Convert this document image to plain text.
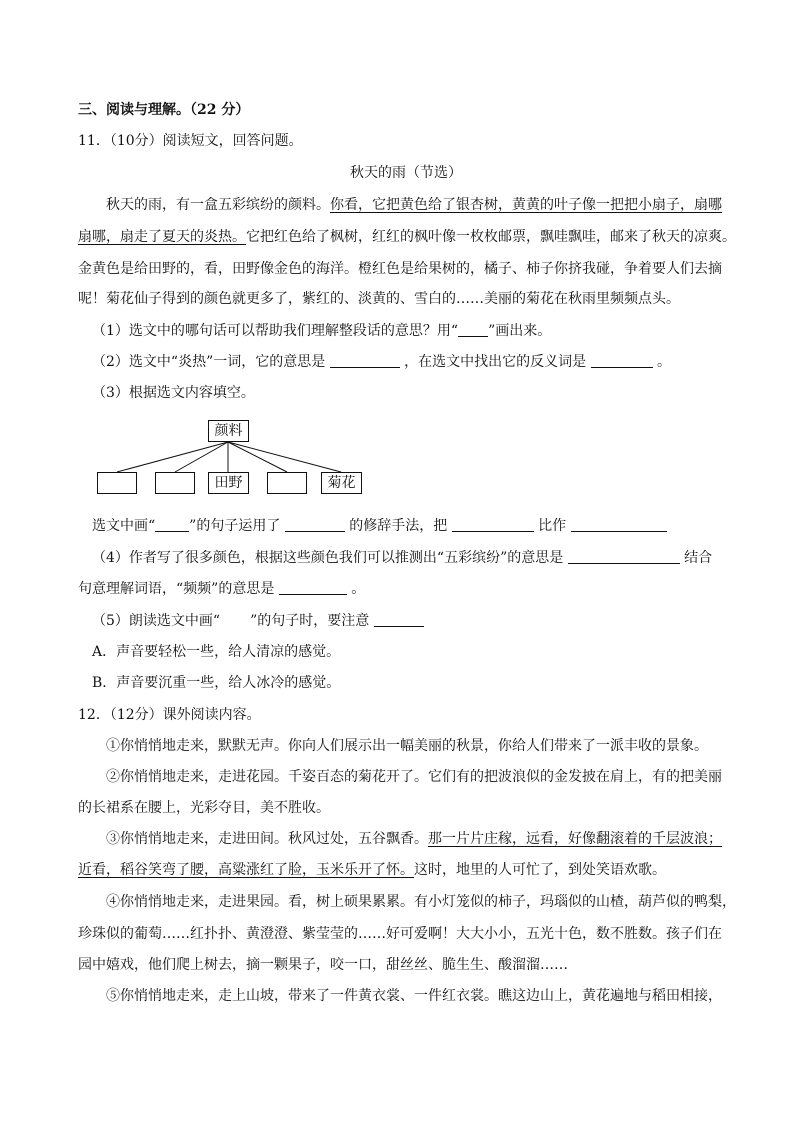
三、阅读与理解。（22 分）
11．（10分）阅读短文，回答问题。
秋天的雨（节选）
秋天的雨，有一盒五彩缤纷的颜料。你看，它把黄色给了银杏树，黄黄的叶子像一把把小扇子，扇哪
扇哪，扇走了夏天的炎热。它把红色给了枫树，红红的枫叶像一枚枚邮票，飘哇飘哇，邮来了秋天的凉爽。
金黄色是给田野的，看，田野像金色的海洋。橙红色是给果树的，橘子、柿子你挤我碰，争着要人们去摘
呢！菊花仙子得到的颜色就更多了，紫红的、淡黄的、雪白的……美丽的菊花在秋雨里频频点头。
（1）选文中的哪句话可以帮助我们理解整段话的意思？用“ ”画出来。
（2）选文中“炎热”一词，它的意思是	，在选文中找出它的反义词是	。
（3）根据选文内容填空。
颜料
田野	菊花
选文中画“ ”的句子运用了	的修辞手法，把	比作
（4）作者写了很多颜色，根据这些颜色我们可以推测出“五彩缤纷”的意思是	结合
句意理解词语，“频频”的意思是	。
（5）朗读选文中画“ ”的句子时，要注意
A．声音要轻松一些，给人清凉的感觉。
B．声音要沉重一些，给人冰冷的感觉。
12．（12分）课外阅读内容。
①你悄悄地走来，默默无声。你向人们展示出一幅美丽的秋景，你给人们带来了一派丰收的景象。
②你悄悄地走来，走进花园。千姿百态的菊花开了。它们有的把波浪似的金发披在肩上，有的把美丽
的长裙系在腰上，光彩夺目，美不胜收。
③你悄悄地走来，走进田间。秋风过处，五谷飘香。那一片片庄稼，远看，好像翻滚着的千层波浪；
近看，稻谷笑弯了腰，高粱涨红了脸，玉米乐开了怀。这时，地里的人可忙了，到处笑语欢歌。
④你悄悄地走来，走进果园。看，树上硕果累累。有小灯笼似的柿子，玛瑙似的山楂，葫芦似的鸭梨，
珍珠似的葡萄……红扑扑、黄澄澄、紫莹莹的……好可爱啊！大大小小，五光十色，数不胜数。孩子们在
园中嬉戏，他们爬上树去，摘一颗果子，咬一口，甜丝丝、脆生生、酸溜溜……
⑤你悄悄地走来，走上山坡，带来了一件黄衣裳、一件红衣裳。瞧这边山上，黄花遍地与稻田相接，
